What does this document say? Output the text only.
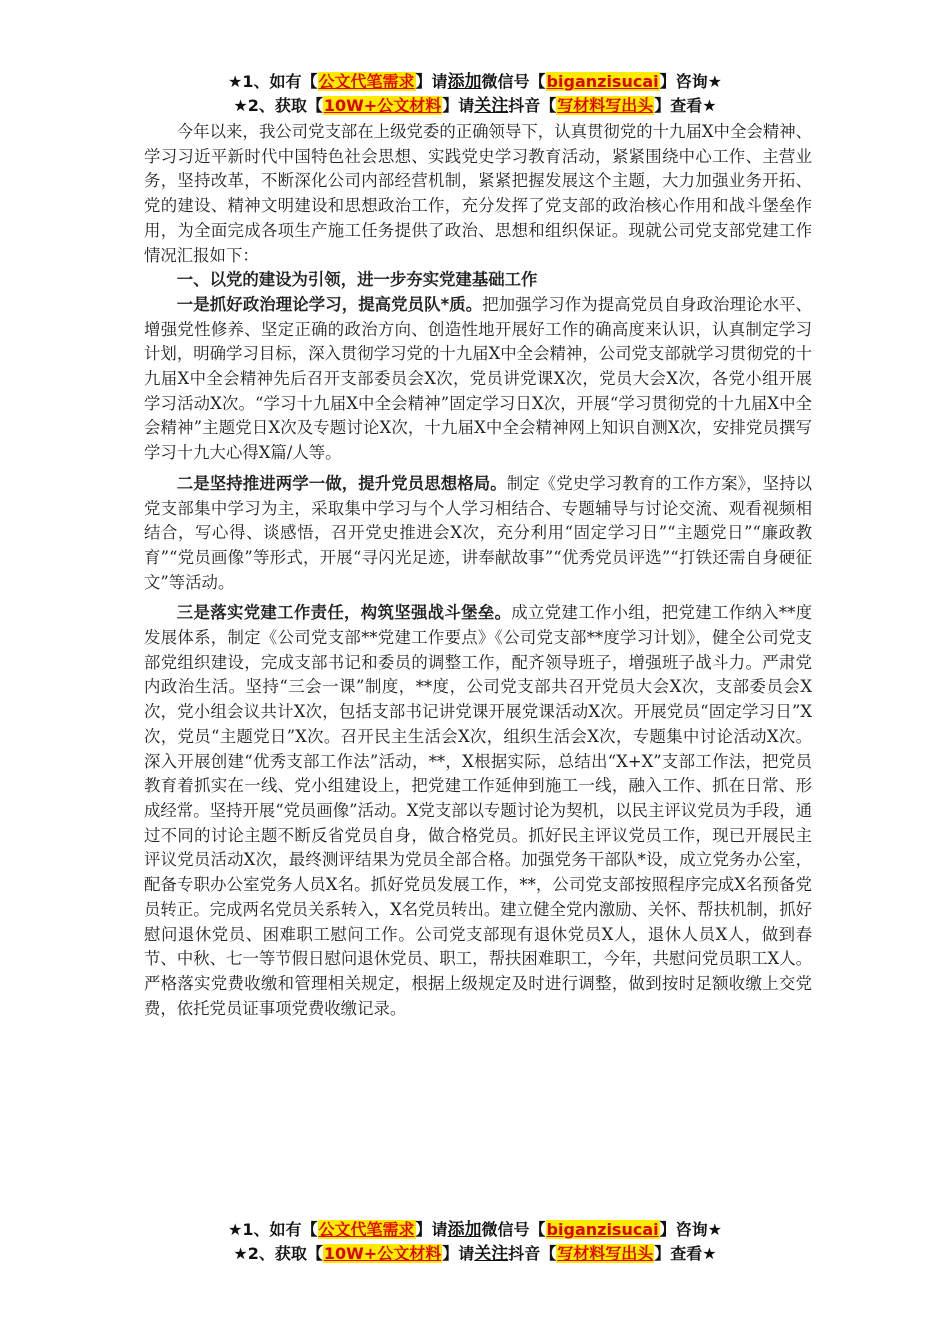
★1、如有【公文代笔需求】请添加微信号【biganzisucai】咨询★
★2、获取【10W+公文材料】请关注抖音【写材料写出头】查看★

今年以来，我公司党支部在上级党委的正确领导下，认真贯彻党的十九届X中全会精神、学习习近平新时代中国特色社会思想、实践党史学习教育活动，紧紧围绕中心工作、主营业务，坚持改革，不断深化公司内部经营机制，紧紧把握发展这个主题，大力加强业务开拓、党的建设、精神文明建设和思想政治工作，充分发挥了党支部的政治核心作用和战斗堡垒作用，为全面完成各项生产施工任务提供了政治、思想和组织保证。现就公司党支部党建工作情况汇报如下：

一、以党的建设为引领，进一步夯实党建基础工作

一是抓好政治理论学习，提高党员队*质。把加强学习作为提高党员自身政治理论水平、增强党性修养、坚定正确的政治方向、创造性地开展好工作的确高度来认识，认真制定学习计划，明确学习目标，深入贯彻学习党的十九届X中全会精神，公司党支部就学习贯彻党的十九届X中全会精神先后召开支部委员会X次，党员讲党课X次，党员大会X次，各党小组开展学习活动X次。“学习十九届X中全会精神”固定学习日X次，开展“学习贯彻党的十九届X中全会精神”主题党日X次及专题讨论X次，十九届X中全会精神网上知识自测X次，安排党员撰写学习十九大心得X篇/人等。

二是坚持推进两学一做，提升党员思想格局。制定《党史学习教育的工作方案》，坚持以党支部集中学习为主，采取集中学习与个人学习相结合、专题辅导与讨论交流、观看视频相结合，写心得、谈感悟，召开党史推进会X次，充分利用“固定学习日”“主题党日”“廉政教育”“党员画像”等形式，开展“寻闪光足迹，讲奉献故事”“优秀党员评选”“打铁还需自身硬征文”等活动。

三是落实党建工作责任，构筑坚强战斗堡垒。成立党建工作小组，把党建工作纳入**度发展体系，制定《公司党支部**党建工作要点》《公司党支部**度学习计划》，健全公司党支部党组织建设，完成支部书记和委员的调整工作，配齐领导班子，增强班子战斗力。严肃党内政治生活。坚持“三会一课”制度，**度，公司党支部共召开党员大会X次，支部委员会X次，党小组会议共计X次，包括支部书记讲党课开展党课活动X次。开展党员“固定学习日”X次，党员“主题党日”X次。召开民主生活会X次，组织生活会X次，专题集中讨论活动X次。深入开展创建“优秀支部工作法”活动，**，X根据实际，总结出“X+X”支部工作法，把党员教育着抓实在一线、党小组建设上，把党建工作延伸到施工一线，融入工作、抓在日常、形成经常。坚持开展“党员画像”活动。X党支部以专题讨论为契机，以民主评议党员为手段，通过不同的讨论主题不断反省党员自身，做合格党员。抓好民主评议党员工作，现已开展民主评议党员活动X次，最终测评结果为党员全部合格。加强党务干部队*设，成立党务办公室，配备专职办公室党务人员X名。抓好党员发展工作，**，公司党支部按照程序完成X名预备党员转正。完成两名党员关系转入，X名党员转出。建立健全党内激励、关怀、帮扶机制，抓好慰问退休党员、困难职工慰问工作。公司党支部现有退休党员X人，退休人员X人，做到春节、中秋、七一等节假日慰问退休党员、职工，帮扶困难职工，今年，共慰问党员职工X人。严格落实党费收缴和管理相关规定，根据上级规定及时进行调整，做到按时足额收缴上交党费，依托党员证事项党费收缴记录。

★1、如有【公文代笔需求】请添加微信号【biganzisucai】咨询★
★2、获取【10W+公文材料】请关注抖音【写材料写出头】查看★
